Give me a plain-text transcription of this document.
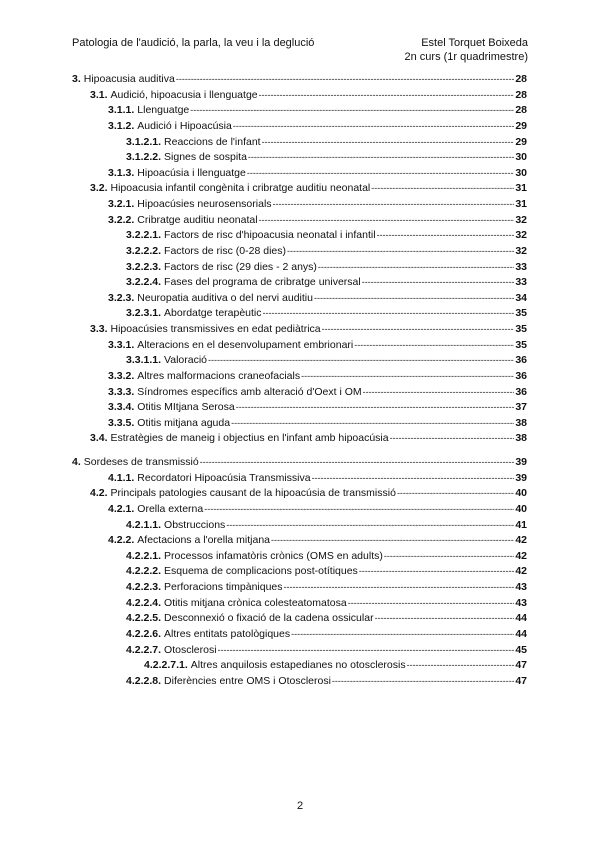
Patologia de l'audició, la parla, la veu i la deglució	Estel Torquet Boixeda
2n curs (1r quadrimestre)
3. Hipoacusia auditiva -----	28
3.1. Audició, hipoacusia i llenguatge -----	28
3.1.1. Llenguatge -----	28
3.1.2. Audició i Hipoacúsia -----	29
3.1.2.1. Reaccions de l'infant -----	29
3.1.2.2. Signes de sospita -----	30
3.1.3. Hipoacúsia i llenguatge -----	30
3.2. Hipoacusia infantil congènita i cribratge auditiu neonatal -----	31
3.2.1. Hipoacúsies neurosensorials -----	31
3.2.2. Cribratge auditiu neonatal -----	32
3.2.2.1. Factors de risc d'hipoacusia neonatal i infantil -----	32
3.2.2.2. Factors de risc (0-28 dies) -----	32
3.2.2.3. Factors de risc (29 dies - 2 anys) -----	33
3.2.2.4. Fases del programa de cribratge universal -----	33
3.2.3. Neuropatia auditiva o del nervi auditiu -----	34
3.2.3.1. Abordatge terapèutic -----	35
3.3. Hipoacúsies transmissives en edat pediàtrica -----	35
3.3.1. Alteracions en el desenvolupament embrionari -----	35
3.3.1.1. Valoració -----	36
3.3.2. Altres malformacions craneofacials -----	36
3.3.3. Síndromes específics amb alteració d'Oext i OM -----	36
3.3.4. Otitis MItjana Serosa -----	37
3.3.5. Otitis mitjana aguda -----	38
3.4. Estratègies de maneig i objectius en l'infant amb hipoacúsia -----	38
4. Sordeses de transmissió -----	39
4.1.1. Recordatori Hipoacúsia Transmissiva -----	39
4.2. Principals patologies causant de la hipoacúsia de transmissió -----	40
4.2.1. Orella externa -----	40
4.2.1.1. Obstruccions -----	41
4.2.2. Afectacions a l'orella mitjana -----	42
4.2.2.1. Processos infamatòris crònics (OMS en adults) -----	42
4.2.2.2. Esquema de complicacions post-otítiques -----	42
4.2.2.3. Perforacions timpàniques -----	43
4.2.2.4. Otitis mitjana crònica colesteatomatosa -----	43
4.2.2.5. Desconnexió o fixació de la cadena ossicular -----	44
4.2.2.6. Altres entitats patològiques -----	44
4.2.2.7. Otosclerosi -----	45
4.2.2.7.1. Altres anquilosis estapedianes no otosclerosis -----	47
4.2.2.8. Diferències entre OMS i Otosclerosi -----	47
2
